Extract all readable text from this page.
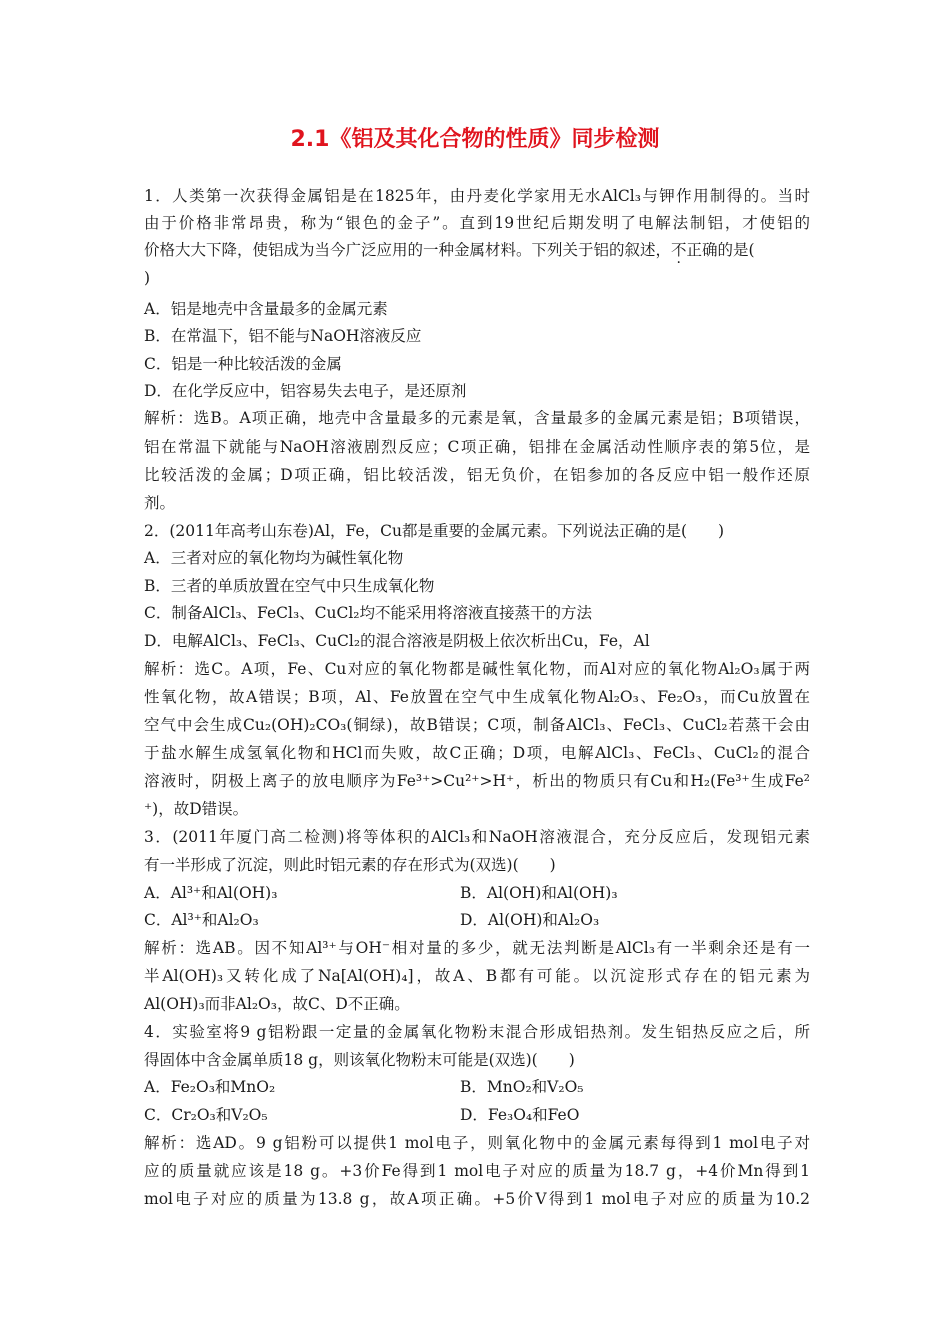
2.1《铝及其化合物的性质》同步检测
1．人类第一次获得金属铝是在1825年，由丹麦化学家用无水AlCl₃与钾作用制得的。当时
由于价格非常昂贵，称为“银色的金子”。直到19世纪后期发明了电解法制铝，才使铝的
价格大大下降，使铝成为当今广泛应用的一种金属材料。下列关于铝的叙述，不正确的是(
)
A．铝是地壳中含量最多的金属元素
B．在常温下，铝不能与NaOH溶液反应
C．铝是一种比较活泼的金属
D．在化学反应中，铝容易失去电子，是还原剂
解析：选B。A项正确，地壳中含量最多的元素是氧，含量最多的金属元素是铝；B项错误，
铝在常温下就能与NaOH溶液剧烈反应；C项正确，铝排在金属活动性顺序表的第5位，是
比较活泼的金属；D项正确，铝比较活泼，铝无负价，在铝参加的各反应中铝一般作还原
剂。
2．(2011年高考山东卷)Al，Fe，Cu都是重要的金属元素。下列说法正确的是(　　)
A．三者对应的氧化物均为碱性氧化物
B．三者的单质放置在空气中只生成氧化物
C．制备AlCl₃、FeCl₃、CuCl₂均不能采用将溶液直接蒸干的方法
D．电解AlCl₃、FeCl₃、CuCl₂的混合溶液是阴极上依次析出Cu，Fe，Al
解析：选C。A项，Fe、Cu对应的氧化物都是碱性氧化物，而Al对应的氧化物Al₂O₃属于两
性氧化物，故A错误；B项，Al、Fe放置在空气中生成氧化物Al₂O₃、Fe₂O₃，而Cu放置在
空气中会生成Cu₂(OH)₂CO₃(铜绿)，故B错误；C项，制备AlCl₃、FeCl₃、CuCl₂若蒸干会由
于盐水解生成氢氧化物和HCl而失败，故C正确；D项，电解AlCl₃、FeCl₃、CuCl₂的混合
溶液时，阴极上离子的放电顺序为Fe³⁺>Cu²⁺>H⁺，析出的物质只有Cu和H₂(Fe³⁺生成Fe²
⁺)，故D错误。
3．(2011年厦门高二检测)将等体积的AlCl₃和NaOH溶液混合，充分反应后，发现铝元素
有一半形成了沉淀，则此时铝元素的存在形式为(双选)(　　)
A．Al³⁺和Al(OH)₃	B．Al(OH)和Al(OH)₃
C．Al³⁺和Al₂O₃	D．Al(OH)和Al₂O₃
解析：选AB。因不知Al³⁺与OH⁻相对量的多少，就无法判断是AlCl₃有一半剩余还是有一
半Al(OH)₃又转化成了Na[Al(OH)₄]，故A、B都有可能。以沉淀形式存在的铝元素为
Al(OH)₃而非Al₂O₃，故C、D不正确。
4．实验室将9 g铝粉跟一定量的金属氧化物粉末混合形成铝热剂。发生铝热反应之后，所
得固体中含金属单质18 g，则该氧化物粉末可能是(双选)(　　)
A．Fe₂O₃和MnO₂	B．MnO₂和V₂O₅
C．Cr₂O₃和V₂O₅	D．Fe₃O₄和FeO
解析：选AD。9 g铝粉可以提供1 mol电子，则氧化物中的金属元素每得到1 mol电子对
应的质量就应该是18 g。+3价Fe得到1 mol电子对应的质量为18.7 g，+4价Mn得到1
mol电子对应的质量为13.8 g，故A项正确。+5价V得到1 mol电子对应的质量为10.2
